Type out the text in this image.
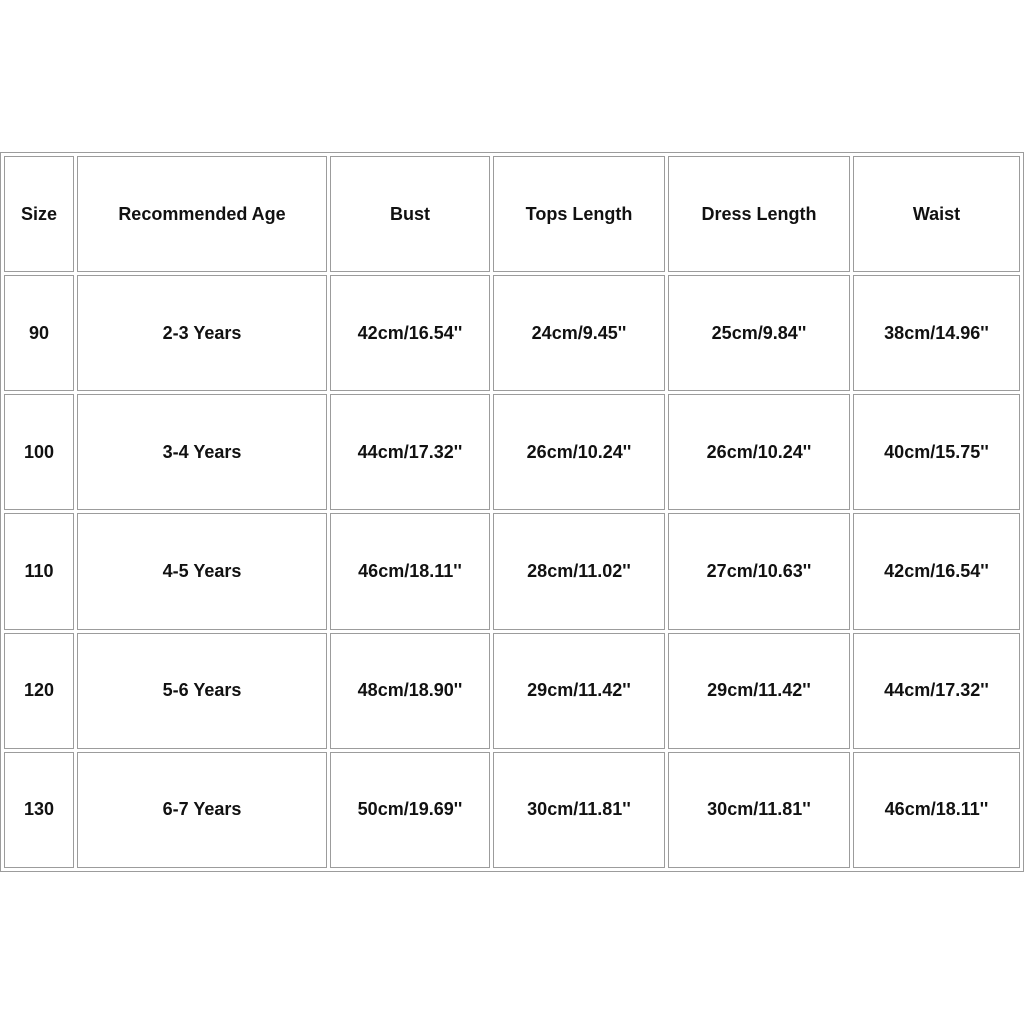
Size	Recommended Age	Bust	Tops Length	Dress Length	Waist
90	2-3 Years	42cm/16.54''	24cm/9.45''	25cm/9.84''	38cm/14.96''
100	3-4 Years	44cm/17.32''	26cm/10.24''	26cm/10.24''	40cm/15.75''
110	4-5 Years	46cm/18.11''	28cm/11.02''	27cm/10.63''	42cm/16.54''
120	5-6 Years	48cm/18.90''	29cm/11.42''	29cm/11.42''	44cm/17.32''
130	6-7 Years	50cm/19.69''	30cm/11.81''	30cm/11.81''	46cm/18.11''
